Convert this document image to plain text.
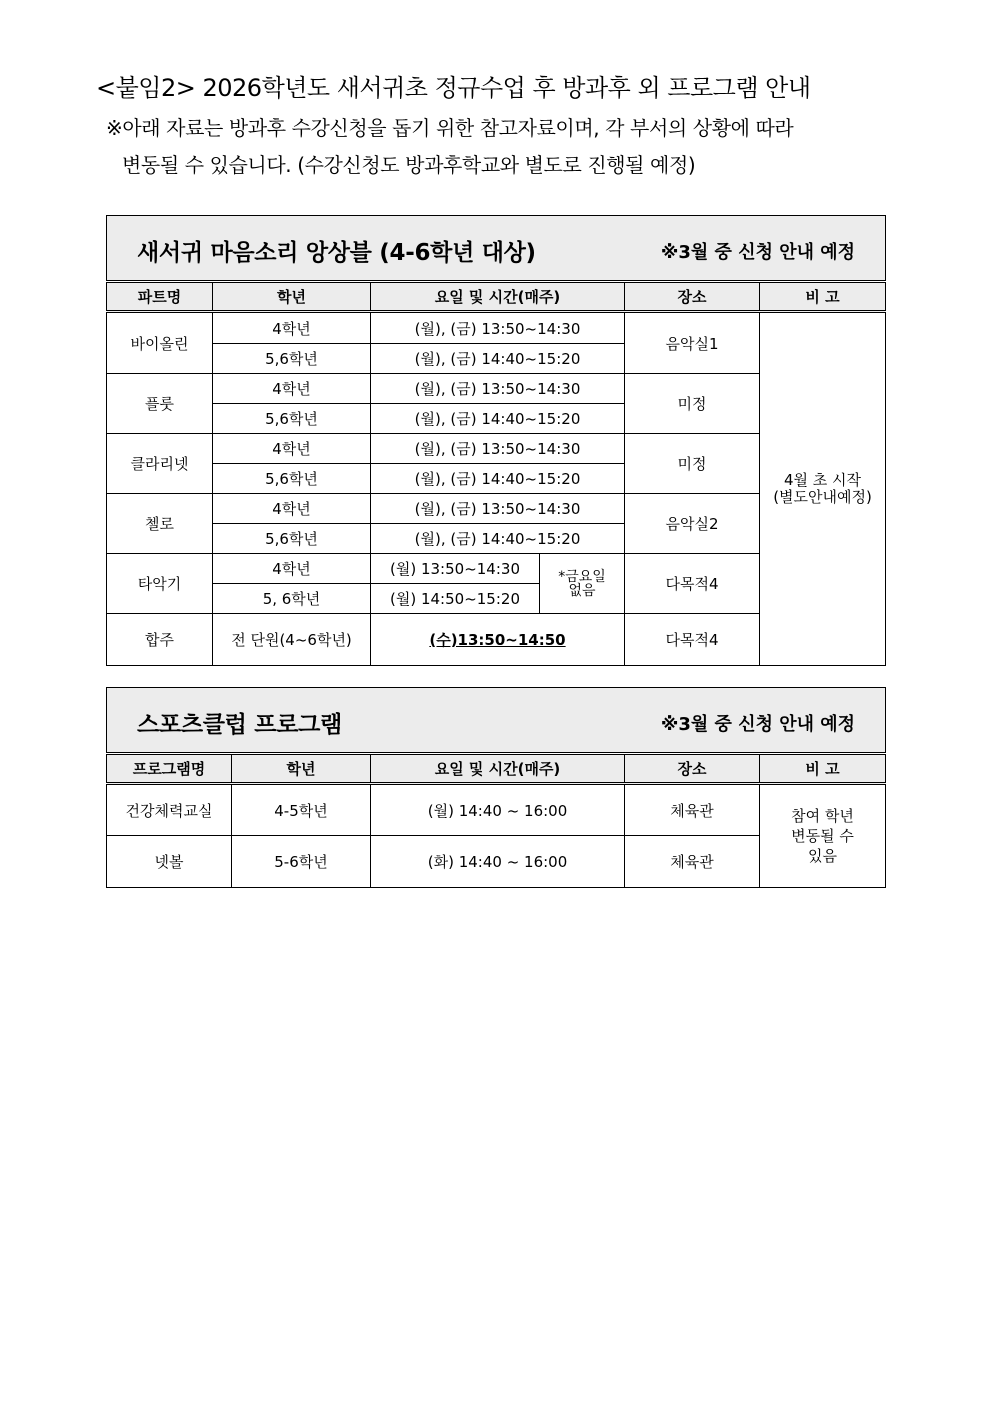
<붙임2> 2026학년도 새서귀초 정규수업 후 방과후 외 프로그램 안내
※아래 자료는 방과후 수강신청을 돕기 위한 참고자료이며, 각 부서의 상황에 따라
변동될 수 있습니다. (수강신청도 방과후학교와 별도로 진행될 예정)
새서귀 마음소리 앙상블 (4-6학년 대상) ※3월 중 신청 안내 예정					

파트명	학년	요일 및 시간(매주)		장소	비 고
바이올린	4학년	(월), (금) 13:50~14:30		음악실1	4월 초 시작
(별도안내예정)

	5,6학년	(월), (금) 14:40~15:20			
플룻	4학년	(월), (금) 13:50~14:30		미정	
	5,6학년	(월), (금) 14:40~15:20			
클라리넷	4학년	(월), (금) 13:50~14:30		미정	
	5,6학년	(월), (금) 14:40~15:20			
첼로	4학년	(월), (금) 13:50~14:30		음악실2	
	5,6학년	(월), (금) 14:40~15:20			
타악기	4학년	(월) 13:50~14:30	*금요일
없음	다목적4	
	5, 6학년	(월) 14:50~15:20			
합주	전 단원(4~6학년)	(수)13:50~14:50		다목적4	
스포츠클럽 프로그램 ※3월 중 신청 안내 예정				

프로그램명	학년	요일 및 시간(매주)	장소	비 고
건강체력교실	4-5학년	(월) 14:40 ~ 16:00	체육관	참여 학년
변동될 수
있음

넷볼	5-6학년	(화) 14:40 ~ 16:00	체육관	
